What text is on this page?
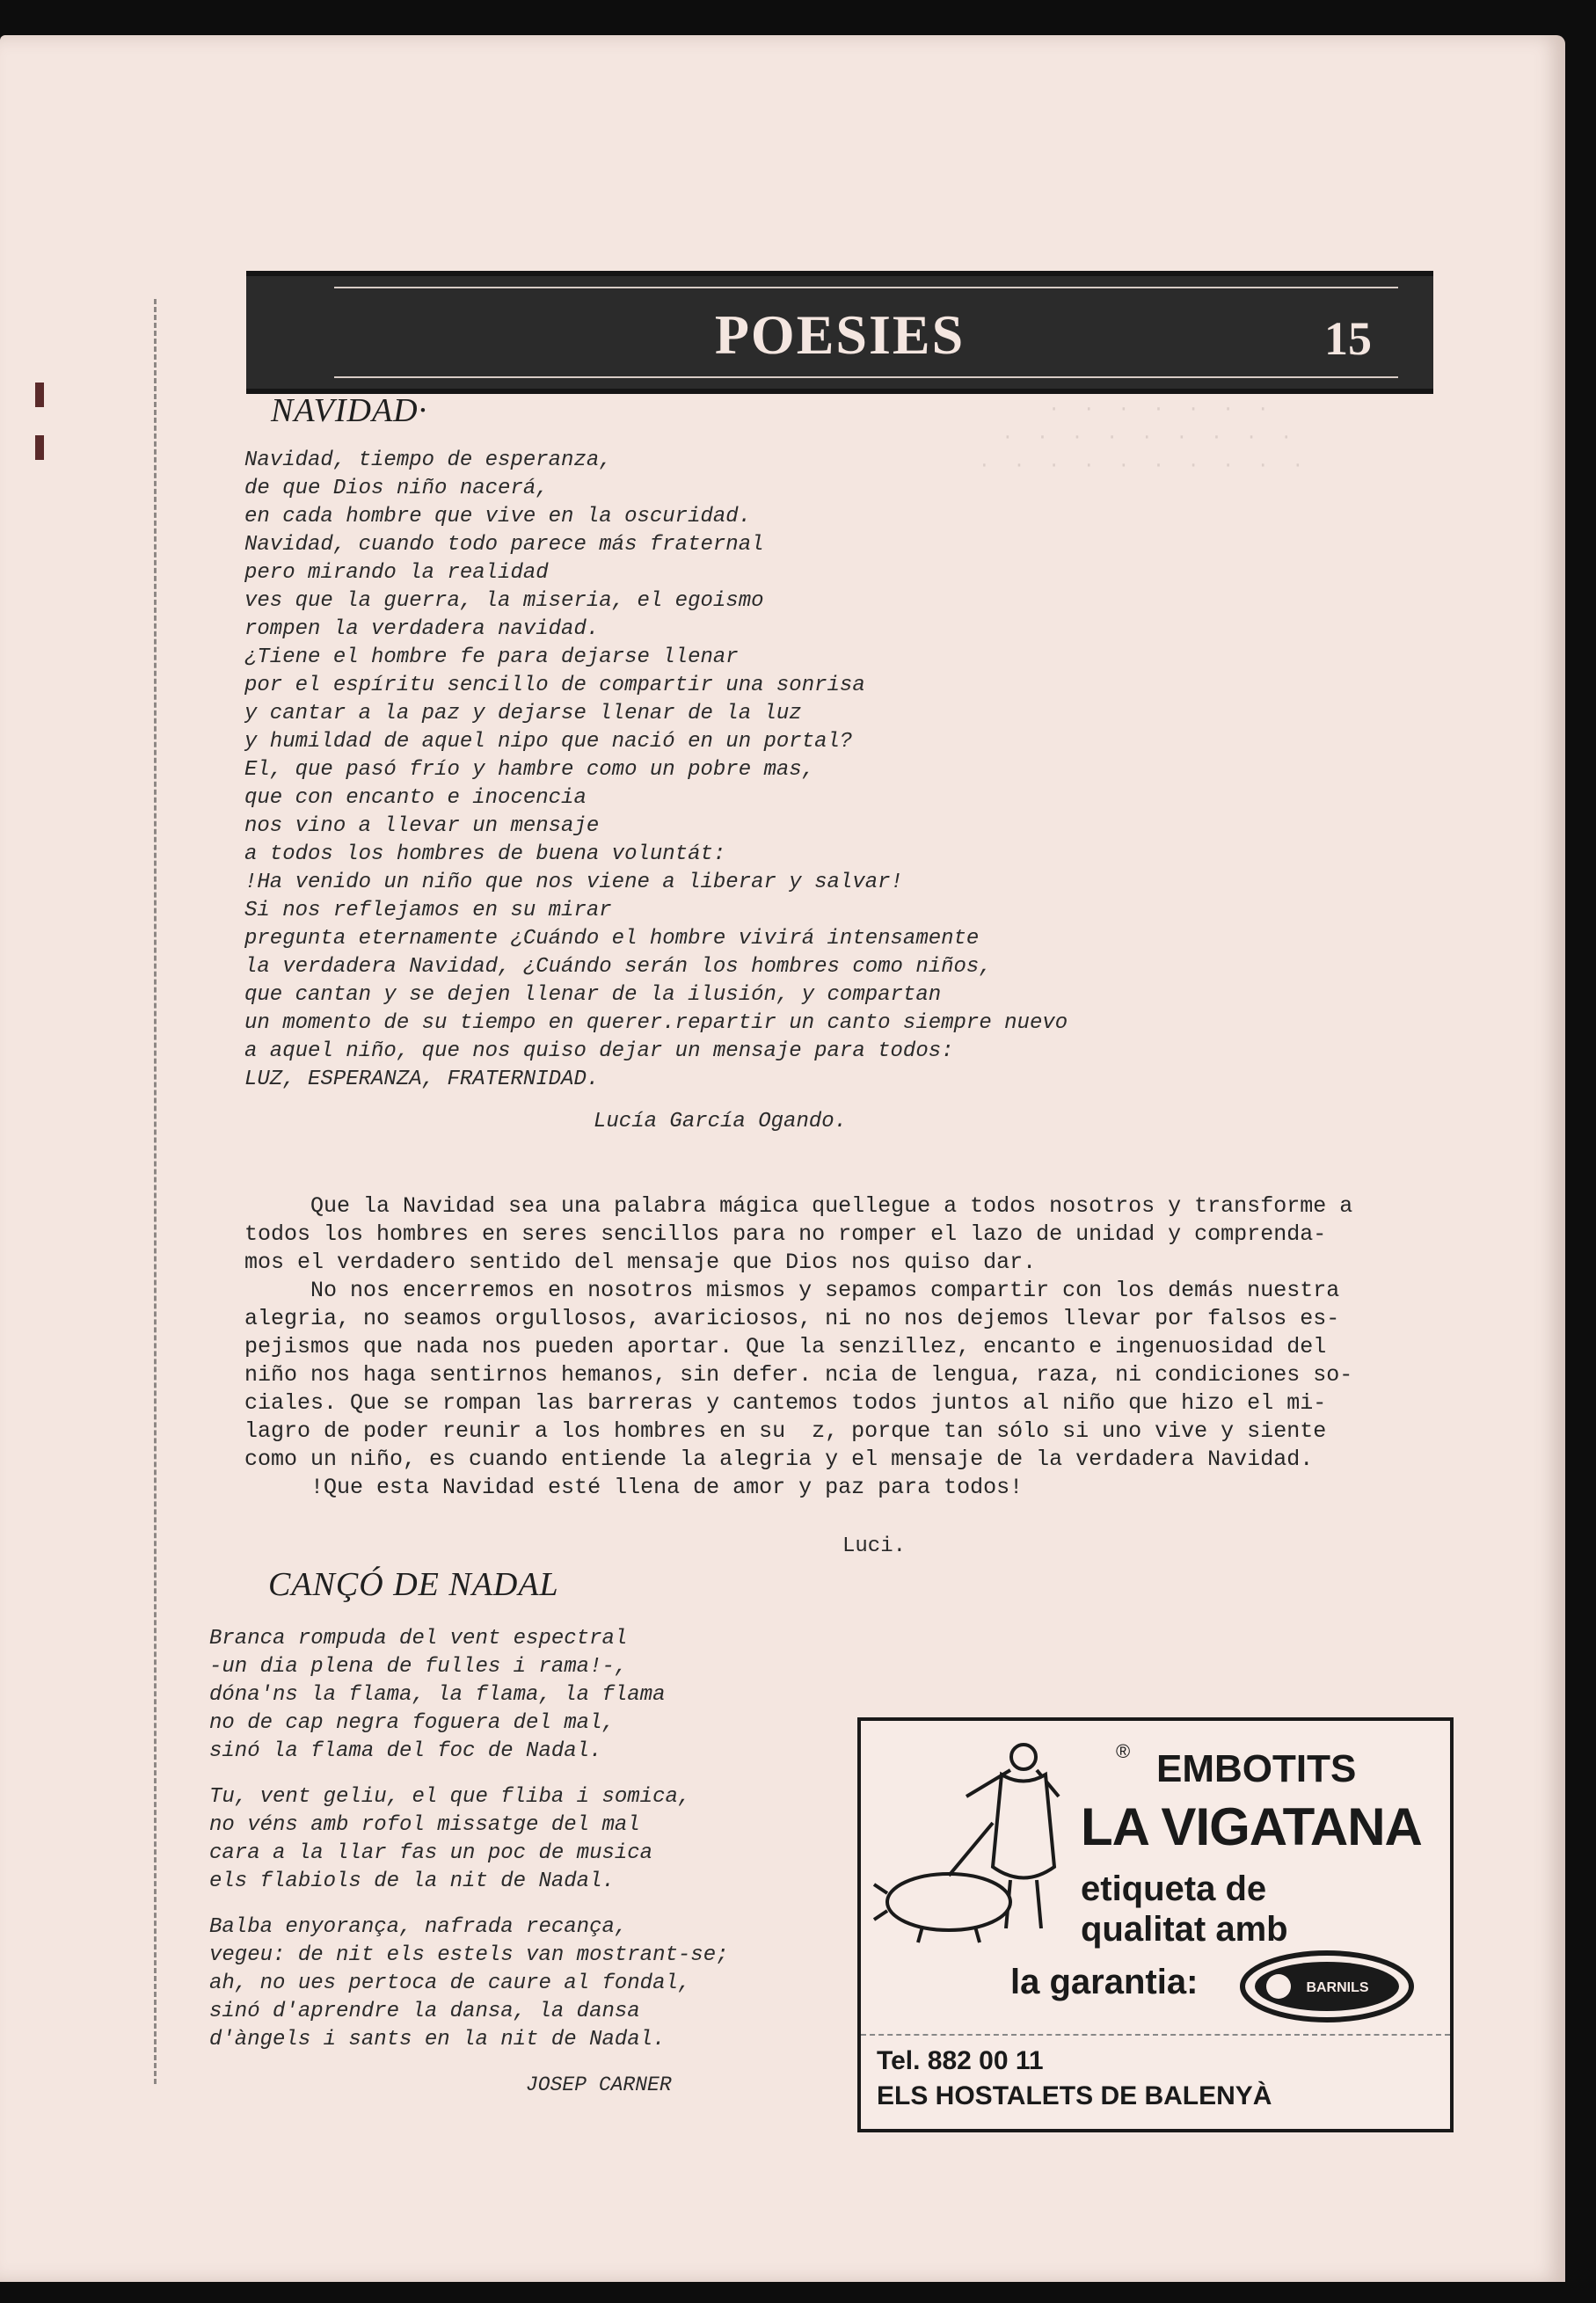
·  ·  ·  ·  ·  ·  ·
·  ·  ·  ·  ·  ·  ·  ·  ·
·  ·  ·  ·  ·  ·  ·  ·  ·  ·
POESIES	15
NAVIDAD·
Navidad, tiempo de esperanza,
de que Dios niño nacerá,
en cada hombre que vive en la oscuridad.
Navidad, cuando todo parece más fraternal
pero mirando la realidad
ves que la guerra, la miseria, el egoismo
rompen la verdadera navidad.
¿Tiene el hombre fe para dejarse llenar
por el espíritu sencillo de compartir una sonrisa
y cantar a la paz y dejarse llenar de la luz
y humildad de aquel nipo que nació en un portal?
El, que pasó frío y hambre como un pobre mas,
que con encanto e inocencia
nos vino a llevar un mensaje
a todos los hombres de buena voluntát:
!Ha venido un niño que nos viene a liberar y salvar!
Si nos reflejamos en su mirar
pregunta eternamente ¿Cuándo el hombre vivirá intensamente
la verdadera Navidad, ¿Cuándo serán los hombres como niños,
que cantan y se dejen llenar de la ilusión, y compartan
un momento de su tiempo en querer.repartir un canto siempre nuevo
a aquel niño, que nos quiso dejar un mensaje para todos:
LUZ, ESPERANZA, FRATERNIDAD.
Lucía García Ogando.
Que la Navidad sea una palabra mágica quellegue a todos nosotros y transforme a
todos los hombres en seres sencillos para no romper el lazo de unidad y comprenda-
mos el verdadero sentido del mensaje que Dios nos quiso dar.
No nos encerremos en nosotros mismos y sepamos compartir con los demás nuestra
alegria, no seamos orgullosos, avariciosos, ni no nos dejemos llevar por falsos es-
pejismos que nada nos pueden aportar. Que la senzillez, encanto e ingenuosidad del
niño nos haga sentirnos hemanos, sin defer. ncia de lengua, raza, ni condiciones so-
ciales. Que se rompan las barreras y cantemos todos juntos al niño que hizo el mi-
lagro de poder reunir a los hombres en su  z, porque tan sólo si uno vive y siente
como un niño, es cuando entiende la alegria y el mensaje de la verdadera Navidad.
!Que esta Navidad esté llena de amor y paz para todos!
Luci.
CANÇÓ DE NADAL
Branca rompuda del vent espectral
-un dia plena de fulles i rama!-,
dóna'ns la flama, la flama, la flama
no de cap negra foguera del mal,
sinó la flama del foc de Nadal.
Tu, vent geliu, el que fliba i somica,
no véns amb rofol missatge del mal
cara a la llar fas un poc de musica
els flabiols de la nit de Nadal.
Balba enyorança, nafrada recança,
vegeu: de nit els estels van mostrant-se;
ah, no ues pertoca de caure al fondal,
sinó d'aprendre la dansa, la dansa
d'àngels i sants en la nit de Nadal.
JOSEP CARNER
® EMBOTITS
LA VIGATANA
etiqueta de
qualitat amb
la garantia:	BARNILS
Tel. 882 00 11
ELS HOSTALETS DE BALENYÀ
